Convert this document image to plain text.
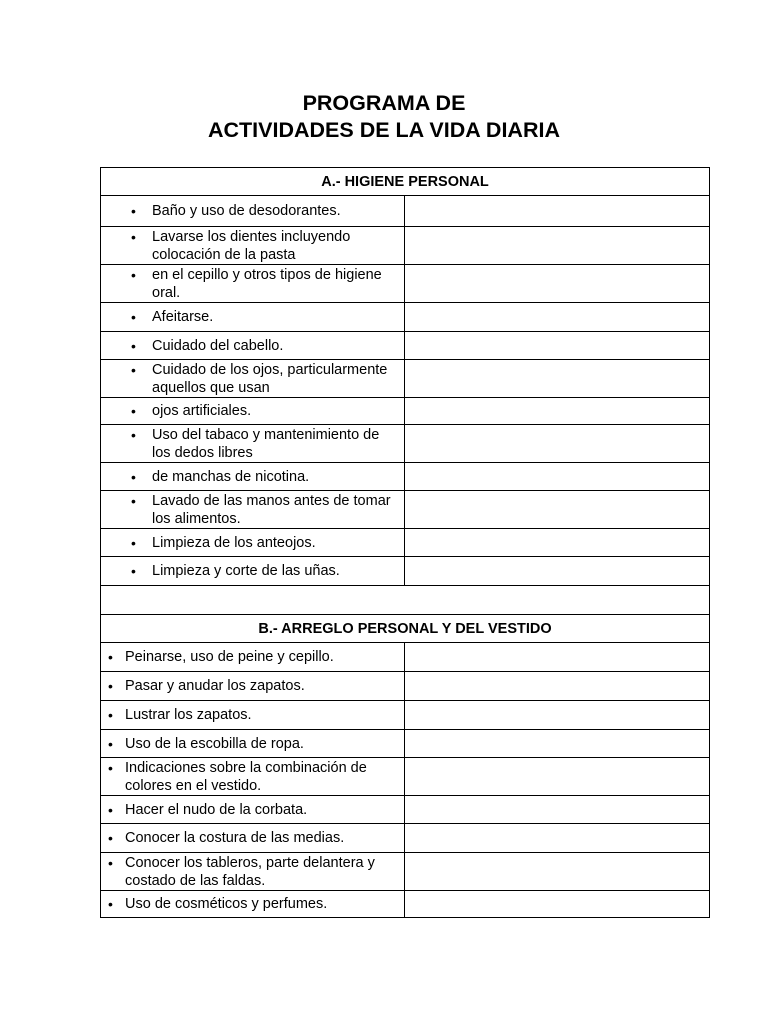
PROGRAMA DE
ACTIVIDADES DE LA VIDA DIARIA
A.- HIGIENE PERSONAL	

• Baño y uso de desodorantes.	

• Lavarse los dientes incluyendo colocación de la pasta	

• en el cepillo y otros tipos de higiene oral.	

• Afeitarse.	

• Cuidado del cabello.	

• Cuidado de los ojos, particularmente aquellos que usan	

• ojos artificiales.	

• Uso del tabaco y mantenimiento de los dedos libres	

• de manchas de nicotina.	

• Lavado de las manos antes de tomar los alimentos.	

• Limpieza de los anteojos.	

• Limpieza y corte de las uñas.	

B.- ARREGLO PERSONAL Y DEL VESTIDO	

• Peinarse, uso de peine y cepillo.	

• Pasar y anudar los zapatos.	

• Lustrar los zapatos.	

• Uso de la escobilla de ropa.	

• Indicaciones sobre la combinación de colores en el vestido.	

• Hacer el nudo de la corbata.	

• Conocer la costura de las medias.	

• Conocer los tableros, parte delantera y costado de las faldas.	

• Uso de cosméticos y perfumes.	
